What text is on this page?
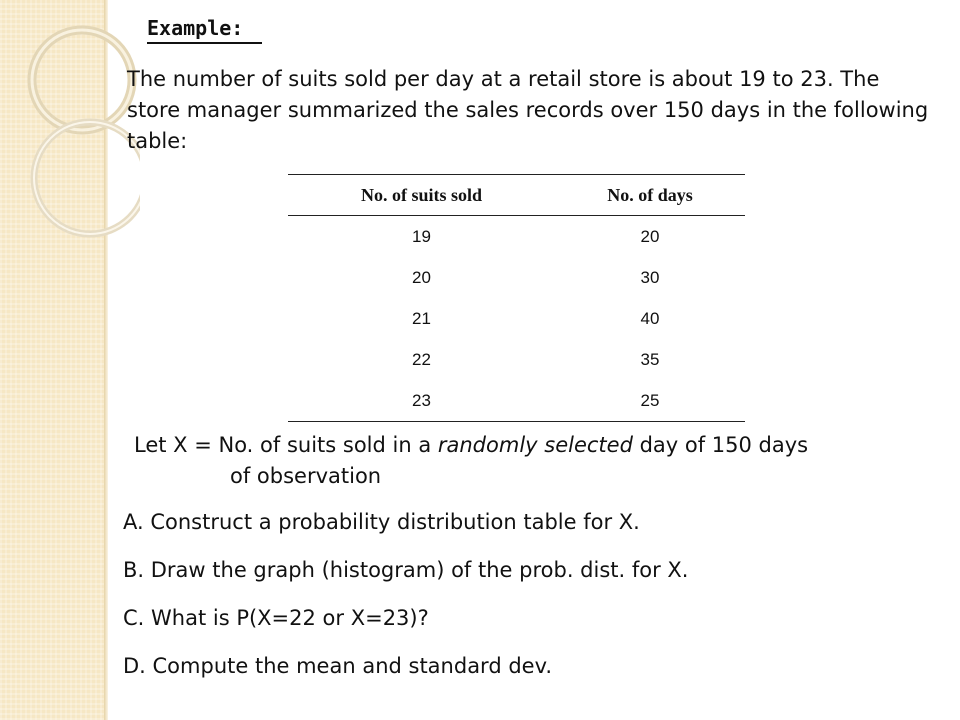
Example:
The number of suits sold per day at a retail store is about 19 to 23. The store manager summarized the sales records over 150 days in the following table:
No. of suits sold	No. of days
19	20
20	30
21	40
22	35
23	25
Let X = No. of suits sold in a randomly selected day of 150 days
of observation
A. Construct a probability distribution table for X.
B. Draw the graph (histogram) of the prob. dist. for X.
C. What is P(X=22 or X=23)?
D. Compute the mean and standard dev.
